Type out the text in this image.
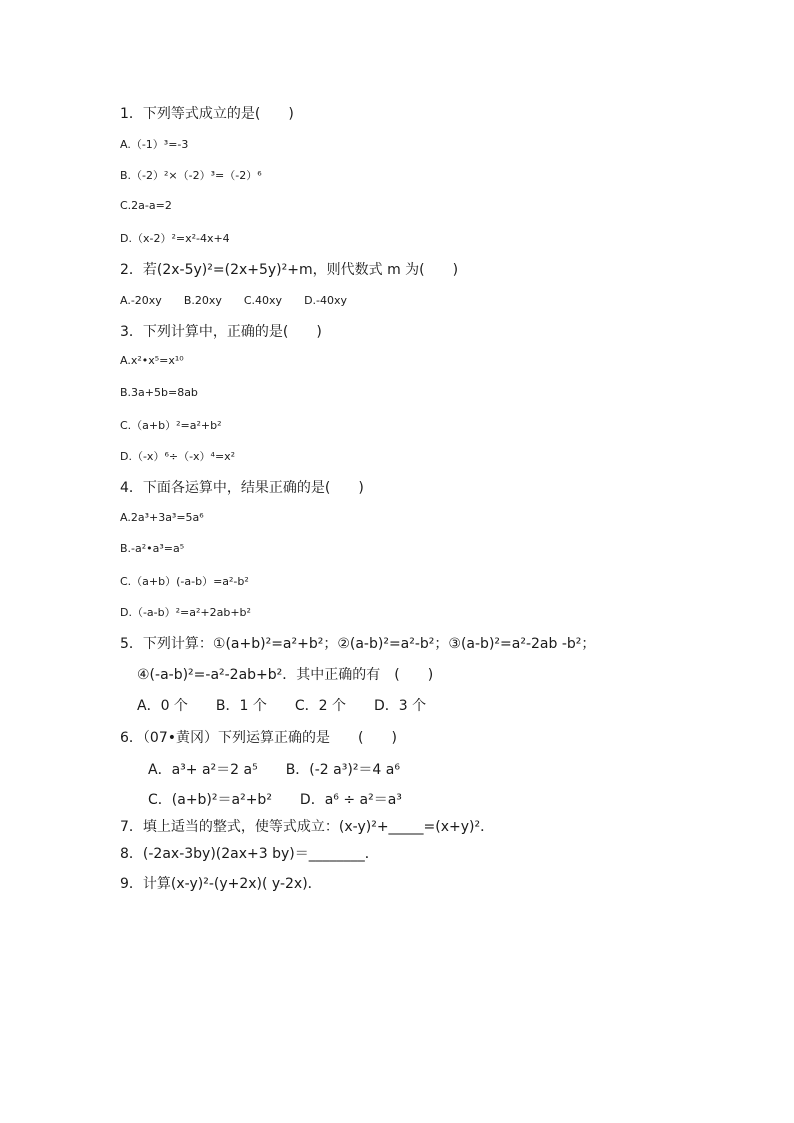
1．下列等式成立的是(　　)
A.（-1）³=-3
B.（-2）²×（-2）³=（-2）⁶
C.2a-a=2
D.（x-2）²=x²-4x+4
2．若(2x-5y)²=(2x+5y)²+m，则代数式 m 为(　　)
A.-20xy　　B.20xy　　C.40xy　　D.-40xy
3．下列计算中，正确的是(　　)
A.x²•x⁵=x¹⁰
B.3a+5b=8ab
C.（a+b）²=a²+b²
D.（-x）⁶÷（-x）⁴=x²
4．下面各运算中，结果正确的是(　　)
A.2a³+3a³=5a⁶
B.-a²•a³=a⁵
C.（a+b）(-a-b）=a²-b²
D.（-a-b）²=a²+2ab+b²
5．下列计算：①(a+b)²=a²+b²；②(a-b)²=a²-b²；③(a-b)²=a²-2ab -b²；
④(-a-b)²=-a²-2ab+b²．其中正确的有　(　　)
A．0 个　　B．1 个　　C．2 个　　D．3 个
6．（07•黄冈）下列运算正确的是　　(　　)
A．a³+ a²＝2 a⁵　　B．(-2 a³)²＝4 a⁶
C．(a+b)²＝a²+b²　　D．a⁶ ÷ a²＝a³
7．填上适当的整式，使等式成立：(x-y)²+_____=(x+y)²．
8．(-2ax-3by)(2ax+3 by)＝________．
9．计算(x-y)²-(y+2x)( y-2x)．
